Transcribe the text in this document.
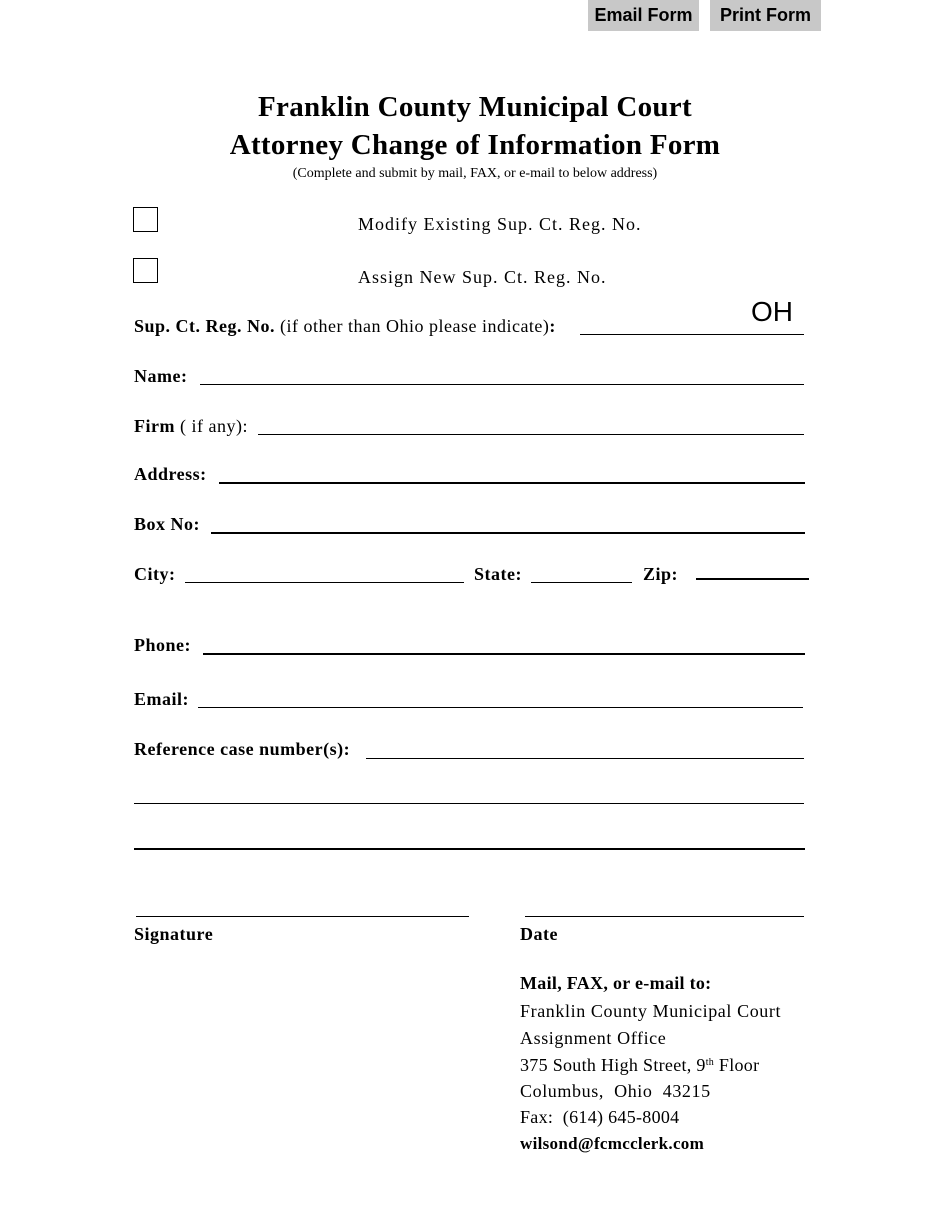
Email Form	Print Form
Franklin County Municipal Court
Attorney Change of Information Form
(Complete and submit by mail, FAX, or e-mail to below address)
Modify Existing Sup. Ct. Reg. No.
Assign New Sup. Ct. Reg. No.
Sup. Ct. Reg. No. (if other than Ohio please indicate):	OH
Name:
Firm ( if any):
Address:
Box No:
City:	State:	Zip:
Phone:
Email:
Reference case number(s):
Signature	Date
Mail, FAX, or e-mail to:
Franklin County Municipal Court
Assignment Office
375 South High Street, 9th Floor
Columbus,  Ohio  43215
Fax:  (614) 645-8004
wilsond@fcmcclerk.com
